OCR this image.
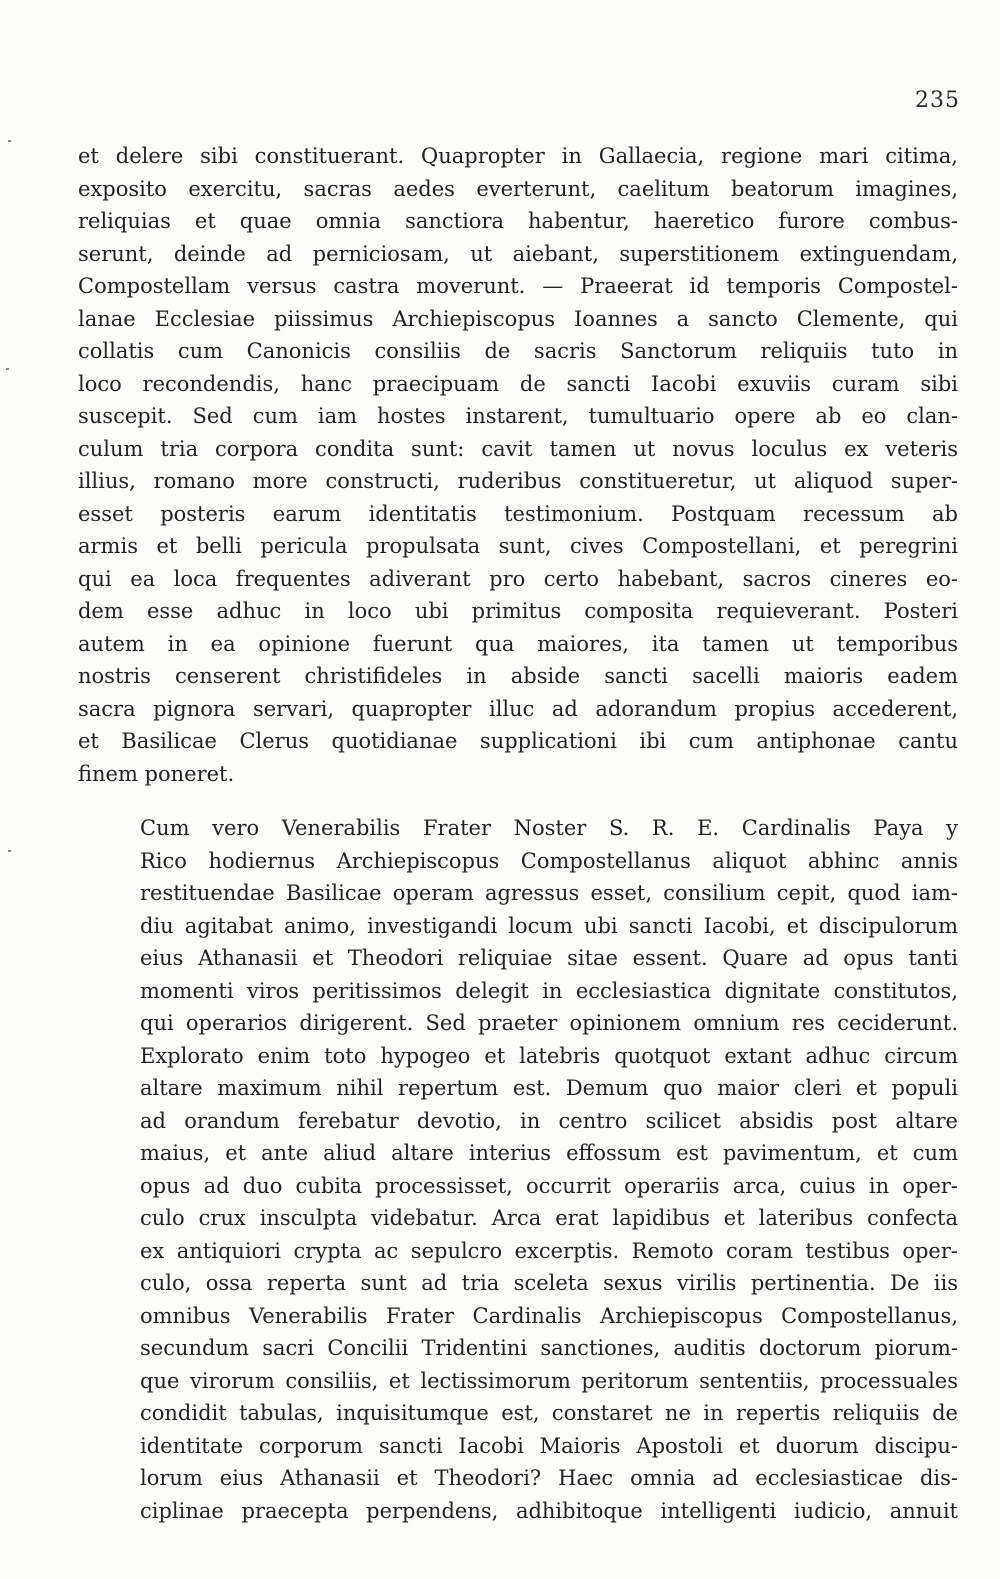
235
et delere sibi constituerant. Quapropter in Gallaecia, regione mari citima,
exposito exercitu, sacras aedes everterunt, caelitum beatorum imagines,
reliquias et quae omnia sanctiora habentur, haeretico furore combus-
serunt, deinde ad perniciosam, ut aiebant, superstitionem extinguendam,
Compostellam versus castra moverunt. — Praeerat id temporis Compostel-
lanae Ecclesiae piissimus Archiepiscopus Ioannes a sancto Clemente, qui
collatis cum Canonicis consiliis de sacris Sanctorum reliquiis tuto in
loco recondendis, hanc praecipuam de sancti Iacobi exuviis curam sibi
suscepit. Sed cum iam hostes instarent, tumultuario opere ab eo clan-
culum tria corpora condita sunt: cavit tamen ut novus loculus ex veteris
illius, romano more constructi, ruderibus constitueretur, ut aliquod super-
esset posteris earum identitatis testimonium. Postquam recessum ab
armis et belli pericula propulsata sunt, cives Compostellani, et peregrini
qui ea loca frequentes adiverant pro certo habebant, sacros cineres eo-
dem esse adhuc in loco ubi primitus composita requieverant. Posteri
autem in ea opinione fuerunt qua maiores, ita tamen ut temporibus
nostris censerent christifideles in abside sancti sacelli maioris eadem
sacra pignora servari, quapropter illuc ad adorandum propius accederent,
et Basilicae Clerus quotidianae supplicationi ibi cum antiphonae cantu
finem poneret.
Cum vero Venerabilis Frater Noster S. R. E. Cardinalis Paya y
Rico hodiernus Archiepiscopus Compostellanus aliquot abhinc annis
restituendae Basilicae operam agressus esset, consilium cepit, quod iam-
diu agitabat animo, investigandi locum ubi sancti Iacobi, et discipulorum
eius Athanasii et Theodori reliquiae sitae essent. Quare ad opus tanti
momenti viros peritissimos delegit in ecclesiastica dignitate constitutos,
qui operarios dirigerent. Sed praeter opinionem omnium res ceciderunt.
Explorato enim toto hypogeo et latebris quotquot extant adhuc circum
altare maximum nihil repertum est. Demum quo maior cleri et populi
ad orandum ferebatur devotio, in centro scilicet absidis post altare
maius, et ante aliud altare interius effossum est pavimentum, et cum
opus ad duo cubita processisset, occurrit operariis arca, cuius in oper-
culo crux insculpta videbatur. Arca erat lapidibus et lateribus confecta
ex antiquiori crypta ac sepulcro excerptis. Remoto coram testibus oper-
culo, ossa reperta sunt ad tria sceleta sexus virilis pertinentia. De iis
omnibus Venerabilis Frater Cardinalis Archiepiscopus Compostellanus,
secundum sacri Concilii Tridentini sanctiones, auditis doctorum piorum-
que virorum consiliis, et lectissimorum peritorum sententiis, processuales
condidit tabulas, inquisitumque est, constaret ne in repertis reliquiis de
identitate corporum sancti Iacobi Maioris Apostoli et duorum discipu-
lorum eius Athanasii et Theodori? Haec omnia ad ecclesiasticae dis-
ciplinae praecepta perpendens, adhibitoque intelligenti iudicio, annuit
